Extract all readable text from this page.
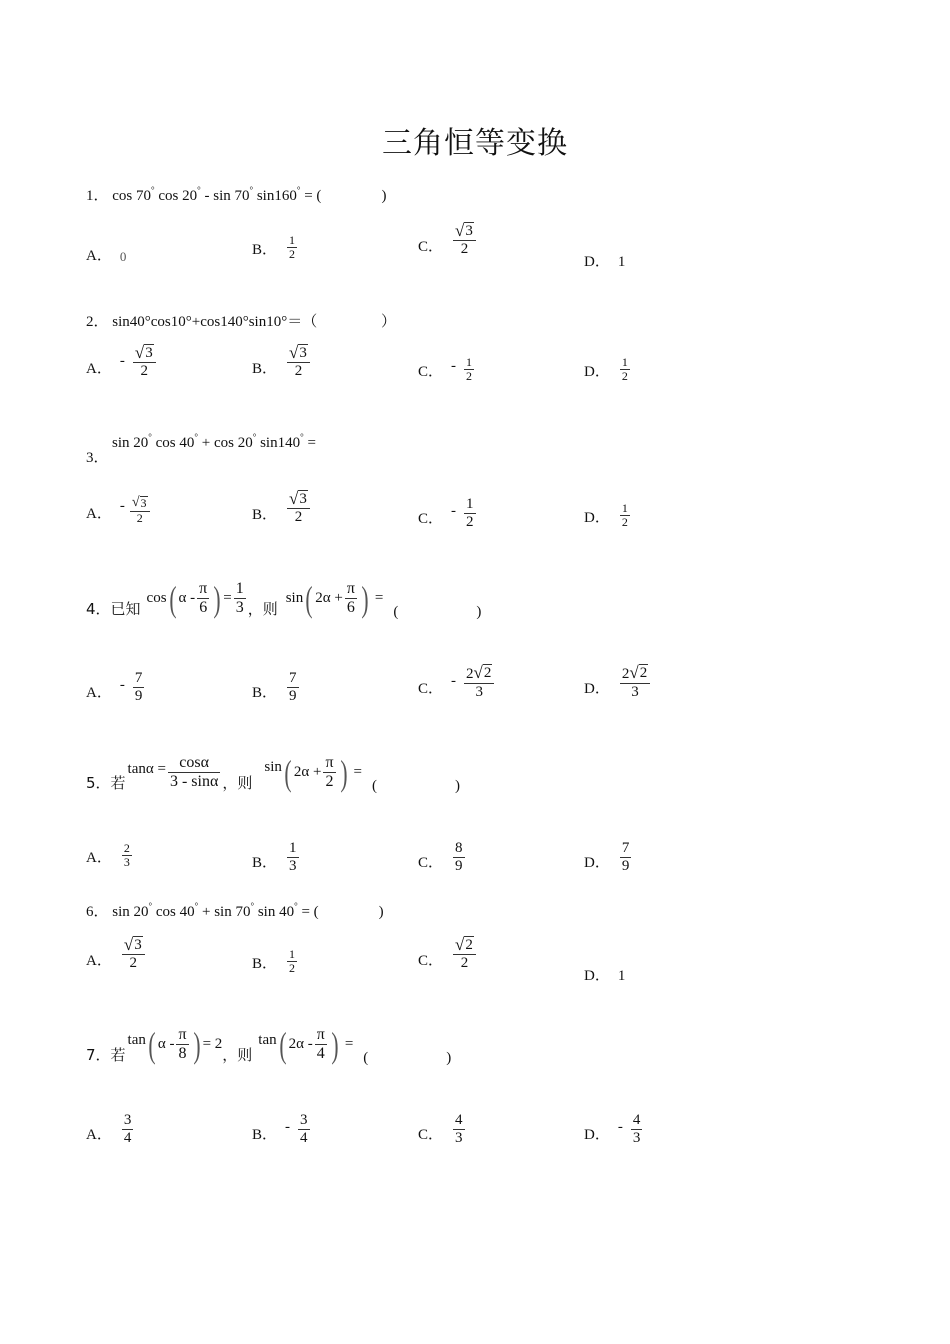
三角恒等变换
1． cos 70° cos 20° - sin 70° sin160° = (	)
A． 0	B． $\frac{1}{2}$	C． $\frac{√ 3}{2}$
D． 1
2． sin40°cos10°+cos140°sin10°＝（	）
A． - $\frac{√ 3}{2}$	B． $\frac{√ 3}{2}$	C． - $\frac{1}{2}$	D． $\frac{1}{2}$
sin 20° cos 40° + cos 20° sin140° =
3．
A． - $\frac{√ 3}{2}$	B． $\frac{√ 3}{2}$	C． - $\frac{1}{2}$	D． $\frac{1}{2}$
4．已知
cos ( α - $\frac{\pi}{6}$ ) = $\frac{1}{3}$ ，则
sin ( $2\alpha + \frac{\pi}{6}$ ) =
(	)
A． - $\frac{7}{9}$	B． $\frac{7}{9}$	C． - $\frac{2 √ 2}{3}$	D． $\frac{2 √ 2}{3}$
5．若
$\tan\alpha = \frac{\cos\alpha}{3 - \sin\alpha}$ ，则
sin ( $2\alpha + \frac{\pi}{2}$ ) =
(	)
A． $\frac{2}{3}$	B． $\frac{1}{3}$	C． $\frac{8}{9}$	D． $\frac{7}{9}$
6． sin 20° cos 40° + sin 70° sin 40° = (	)
A． $\frac{√ 3}{2}$	B． $\frac{1}{2}$	C． $\frac{√ 2}{2}$
D． 1
7．若
tan ( α - $\frac{\pi}{8}$ ) = 2
，则
tan ( $2\alpha - \frac{\pi}{4}$ ) =
(	)
A． $\frac{3}{4}$	B． - $\frac{3}{4}$	C． $\frac{4}{3}$	D． - $\frac{4}{3}$
